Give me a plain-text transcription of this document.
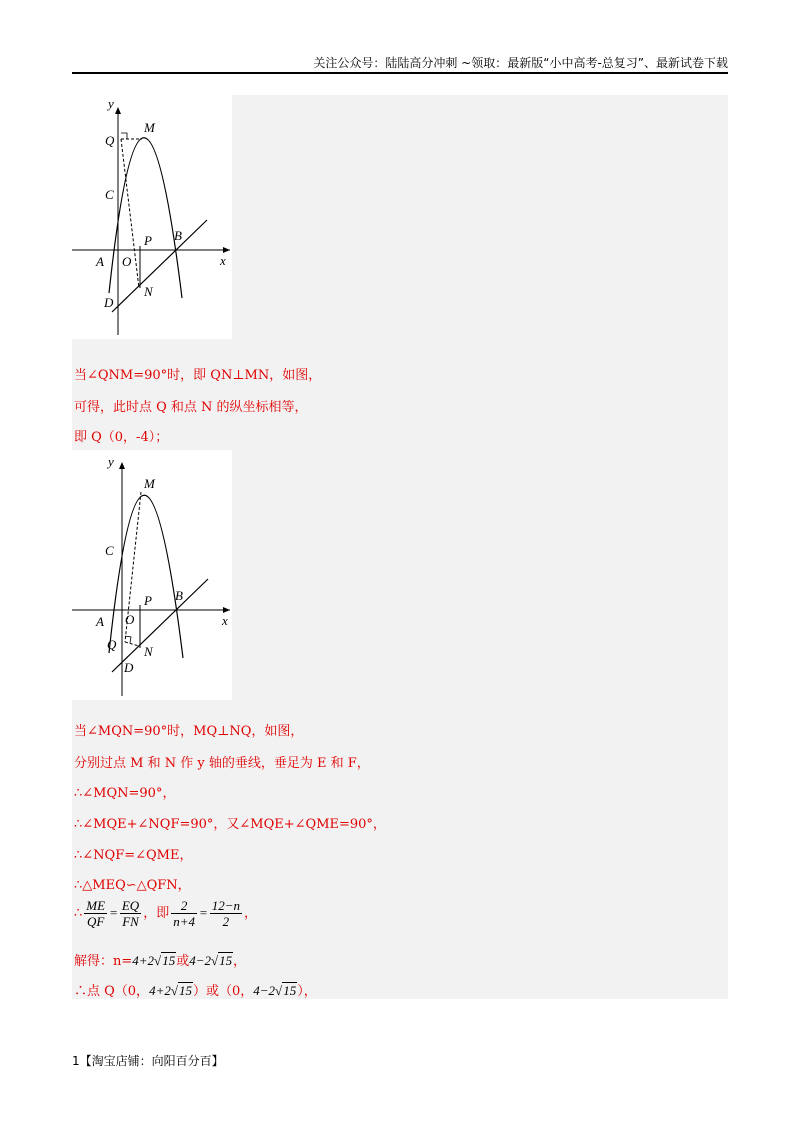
关注公众号：陆陆高分冲刺 ~领取：最新版“小中高考-总复习”、最新试卷下载
y
x
Q
M
C
P B
A O
D
N
当∠QNM=90°时，即 QN⊥MN，如图，
可得，此时点 Q 和点 N 的纵坐标相等，
即 Q（0，-4）；
y
x
M
C
P B
A O
Q
D
N
当∠MQN=90°时，MQ⊥NQ，如图，
分别过点 M 和 N 作 y 轴的垂线，垂足为 E 和 F，
∴∠MQN=90°，
∴∠MQE+∠NQF=90°，又∠MQE+∠QME=90°，
∴∠NQF=∠QME，
∴△MEQ∽△QFN，
∴ $\frac{ME}{QF} = \frac{EQ}{FN}$ ，即 $\frac{2}{n+4} = \frac{12-n}{2}$ ，
解得：n=4+2√15或4−2√15，
∴点 Q（0，4+2√15）或（0，4−2√15），
1【淘宝店铺：向阳百分百】
